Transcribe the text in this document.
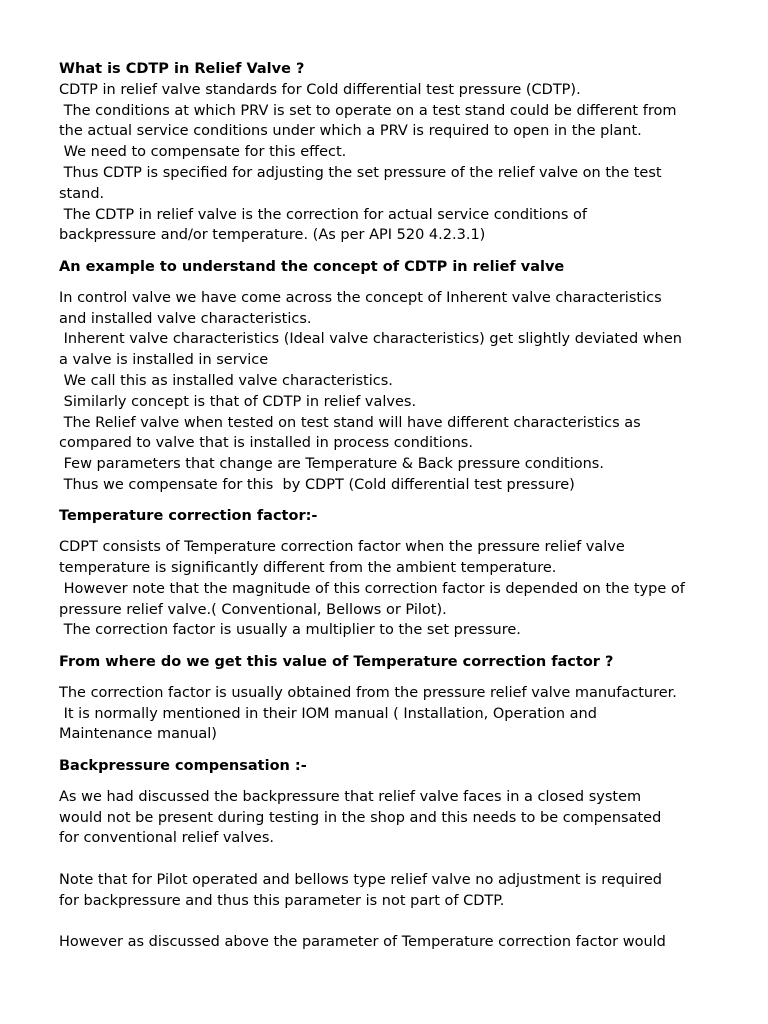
What is CDTP in Relief Valve ?

CDTP in relief valve standards for Cold differential test pressure (CDTP).
The conditions at which PRV is set to operate on a test stand could be different from
the actual service conditions under which a PRV is required to open in the plant.
We need to compensate for this effect.
Thus CDTP is specified for adjusting the set pressure of the relief valve on the test
stand.
The CDTP in relief valve is the correction for actual service conditions of
backpressure and/or temperature. (As per API 520 4.2.3.1)

An example to understand the concept of CDTP in relief valve

In control valve we have come across the concept of Inherent valve characteristics
and installed valve characteristics.
Inherent valve characteristics (Ideal valve characteristics) get slightly deviated when
a valve is installed in service
We call this as installed valve characteristics.
Similarly concept is that of CDTP in relief valves.
The Relief valve when tested on test stand will have different characteristics as
compared to valve that is installed in process conditions.
Few parameters that change are Temperature & Back pressure conditions.
Thus we compensate for this  by CDPT (Cold differential test pressure)

Temperature correction factor:-

CDPT consists of Temperature correction factor when the pressure relief valve
temperature is significantly different from the ambient temperature.
However note that the magnitude of this correction factor is depended on the type of
pressure relief valve.( Conventional, Bellows or Pilot).
The correction factor is usually a multiplier to the set pressure.

From where do we get this value of Temperature correction factor ?

The correction factor is usually obtained from the pressure relief valve manufacturer.
It is normally mentioned in their IOM manual ( Installation, Operation and
Maintenance manual)

Backpressure compensation :-

As we had discussed the backpressure that relief valve faces in a closed system
would not be present during testing in the shop and this needs to be compensated
for conventional relief valves.
Note that for Pilot operated and bellows type relief valve no adjustment is required
for backpressure and thus this parameter is not part of CDTP.
However as discussed above the parameter of Temperature correction factor would
